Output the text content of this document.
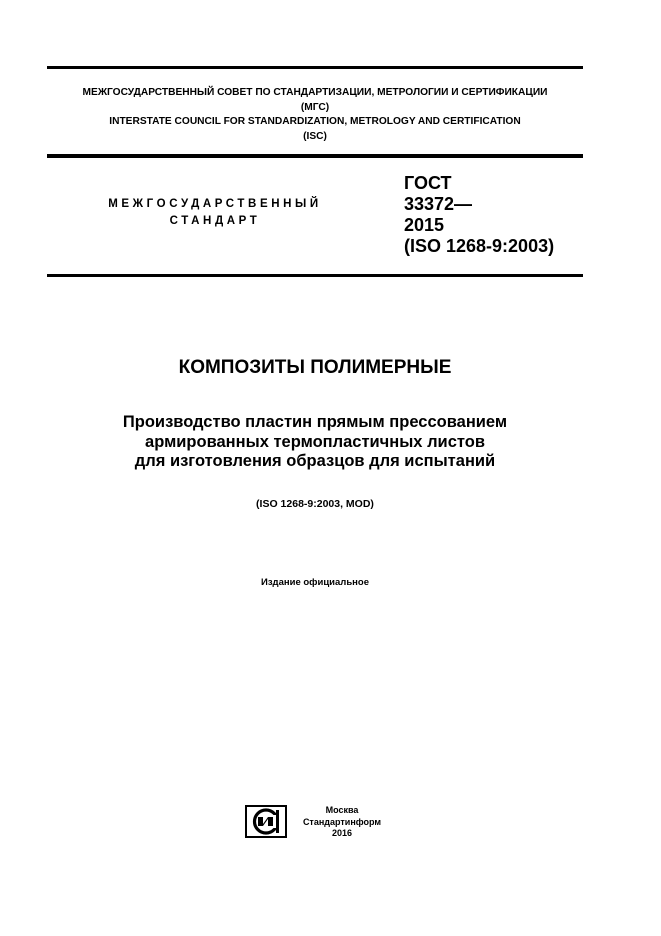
МЕЖГОСУДАРСТВЕННЫЙ СОВЕТ ПО СТАНДАРТИЗАЦИИ, МЕТРОЛОГИИ И СЕРТИФИКАЦИИ
(МГС)
INTERSTATE COUNCIL FOR STANDARDIZATION, METROLOGY AND CERTIFICATION
(ISC)
МЕЖГОСУДАРСТВЕННЫЙ
СТАНДАРТ
ГОСТ
33372—
2015
(ISO 1268-9:2003)
КОМПОЗИТЫ ПОЛИМЕРНЫЕ
Производство пластин прямым прессованием
армированных термопластичных листов
для изготовления образцов для испытаний
(ISO 1268-9:2003, MOD)
Издание официальное
Москва
Стандартинформ
2016
